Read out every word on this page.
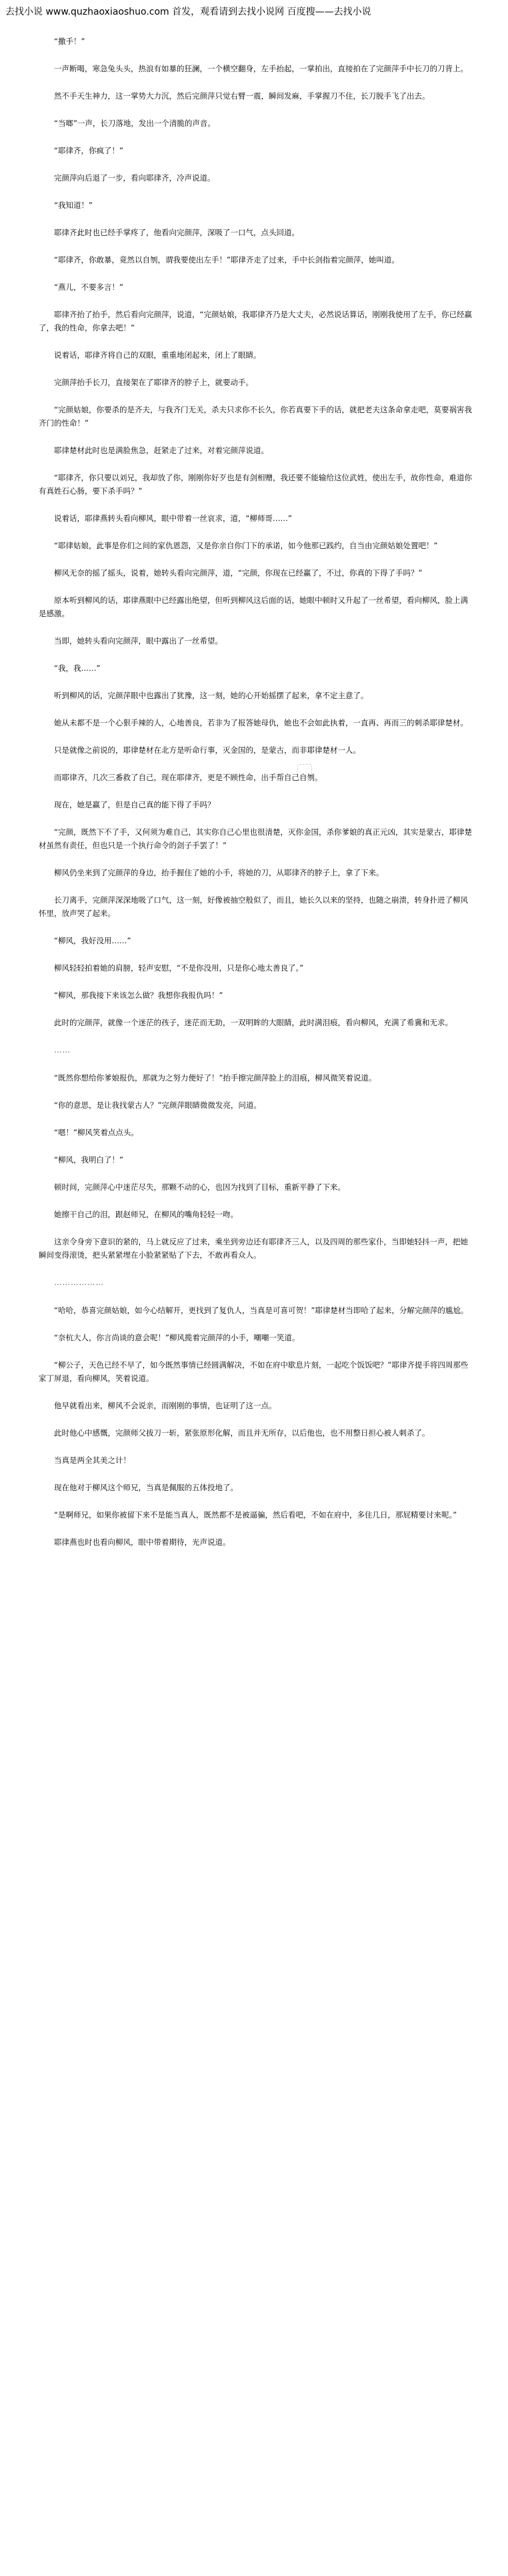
去找小说 www.quzhaoxiaoshuo.com 首发，观看请到去找小说网 百度搜——去找小说

“撒手！”

一声断喝，寒急兔头头，热浪有如暴的狂澜，一个横空翻身，左手抬起，一掌拍出，直接拍在了完颜萍手中长刀的刀背上。

然不手天生神力，这一掌势大力沉，然后完颜萍只觉右臂一震，瞬间发麻，手掌握刀不住，长刀脱手飞了出去。

“当啷”一声，长刀落地，发出一个清脆的声音。

“耶律齐，你疯了！”

完颜萍向后退了一步，看向耶律齐，冷声说道。

“我知道！”

耶律齐此时也已经手掌疼了，他看向完颜萍，深吸了一口气，点头回道。

“耶律齐，你敢暴，竟然以自刎，谓我要使出左手！”耶律齐走了过来，手中长剑指着完颜萍，她叫道。

“燕儿，不要多言！”

耶律齐抬了抬手，然后看向完颜萍，说道，“完颜姑娘，我耶律齐乃是大丈夫，必然说话算话，刚刚我使用了左手，你已经赢了，我的性命，你拿去吧！”

说着话，耶律齐将自己的双眼，重重地闭起来，闭上了眼睛。

完颜萍抬手长刀，直接架在了耶律齐的脖子上，就要动手。

“完颜姑娘，你要杀的是齐夫，与我齐门无关，杀夫只求你不长久，你若真要下手的话，就把老夫这条命拿走吧，莫要祸害我齐门的性命！”

耶律楚材此时也是满脸焦急，赶紧走了过来，对着完颜萍说道。

“耶律齐，你只要以刘兄，我却放了你，刚刚你好歹也是有剑相赠，我还要不能输给这位武姓，使出左手，故你性命，难道你有真姓石心肠，要下杀手吗？”

说着话，耶律燕转头看向柳风，眼中带着一丝哀求，道，“柳师哥……”

“耶律姑娘，此事是你们之间的家仇恩怨，又是你亲自你门下的承诺，如今他那已践约，自当由完颜姑娘处置吧！”

柳风无奈的摇了摇头，说着，她转头看向完颜萍，道，“完颜，你现在已经赢了，不过，你真的下得了手吗？”

原本听到柳风的话，耶律燕眼中已经露出绝望，但听到柳风这后面的话，她眼中顿时又升起了一丝希望，看向柳风，脸上满是感激。

当即，她转头看向完颜萍，眼中露出了一丝希望。

“我，我……”

听到柳风的话，完颜萍眼中也露出了犹豫，这一刻，她的心开始摇摆了起来，拿不定主意了。

她从未都不是一个心狠手辣的人，心地善良，若非为了报答她母仇，她也不会如此执着，一直再、再而三的刺杀耶律楚材。

只是就像之前说的，耶律楚材在北方是听命行事，灭金国的，是蒙古，而非耶律楚材一人。

而耶律齐，几次三番救了自己，现在耶律齐，更是不顾性命，出手帮自己自刎。

现在，她是赢了，但是自己真的能下得了手吗？

“完颜，既然下不了手，又何须为难自己，其实你自己心里也很清楚，灭你金国，杀你爹娘的真正元凶，其实是蒙古，耶律楚材虽然有责任，但也只是一个执行命令的刽子手罢了！”

柳风仍坐来到了完颜萍的身边，抬手握住了她的小手，将她的刀，从耶律齐的脖子上，拿了下来。

长刀离手，完颜萍深深地吸了口气，这一刻，好像被抽空般似了，而且，她长久以来的坚持，也随之崩溃，转身扑进了柳风怀里，放声哭了起来。

“柳风，我好没用……”

柳风轻轻拍着她的肩膀，轻声安慰，“不是你没用，只是你心地太善良了。”

“柳风，那我接下来该怎么做？我想你我报仇吗！”

此时的完颜萍，就像一个迷茫的孩子，迷茫而无助，一双明眸的大眼睛，此时满泪痕，看向柳风，充满了希冀和无求。

……

“既然你想给你爹娘报仇，那就为之努力便好了！”抬手擦完颜萍脸上的泪痕，柳风微笑着说道。

“你的意思，是让我找蒙古人？”完颜萍眼睛微微发亮，问道。

“嗯！”柳风笑着点点头。

“柳风，我明白了！”

顿时间，完颜萍心中迷茫尽失，那颗不动的心，也因为找到了目标，重新平静了下来。

她擦干自己的泪，跟赵师兄，在柳风的嘴角轻轻一吻。

这亲令身旁下意识的紧的，马上就反应了过来，乘坐到旁边还有耶律齐三人，以及四周的那些家仆，当即她轻抖一声，把她瞬间变得滚烫，把头紧紧埋在小脸紧紧贴了下去，不敢再看众人。

………………

“哈哈，恭喜完颜姑娘，如今心结解开，更找到了复仇人，当真是可喜可贺！”耶律楚材当即哈了起来，分解完颜萍的尴尬。

“奈杭大人，你言尚谈的意会呢！”柳风揽着完颜萍的小手，嘲嘲一笑道。

“柳公子，天色已经不早了，如今既然事情已经圆满解决，不如在府中歇息片刻，一起吃个饭饭吧？”耶律齐提手将四周那些家丁屏退，看向柳风，笑着说道。

他早就看出来，柳风不会说亲，而刚刚的事情，也证明了这一点。

此时他心中感慨，完颜师父拔刀一斩，紧张原形化解，而且并无所存，以后他也，也不用整日担心被人刺杀了。

当真是两全其美之计！

现在他对于柳风这个师兄，当真是佩服的五体投地了。

“是啊师兄，如果你被留下来不是能当真人，既然都不是被逼骗，然后看吧，不如在府中，多住几日，那屁精要讨来呢。”

耶律燕也时也看向柳风，眼中带着期待，光声说道。
